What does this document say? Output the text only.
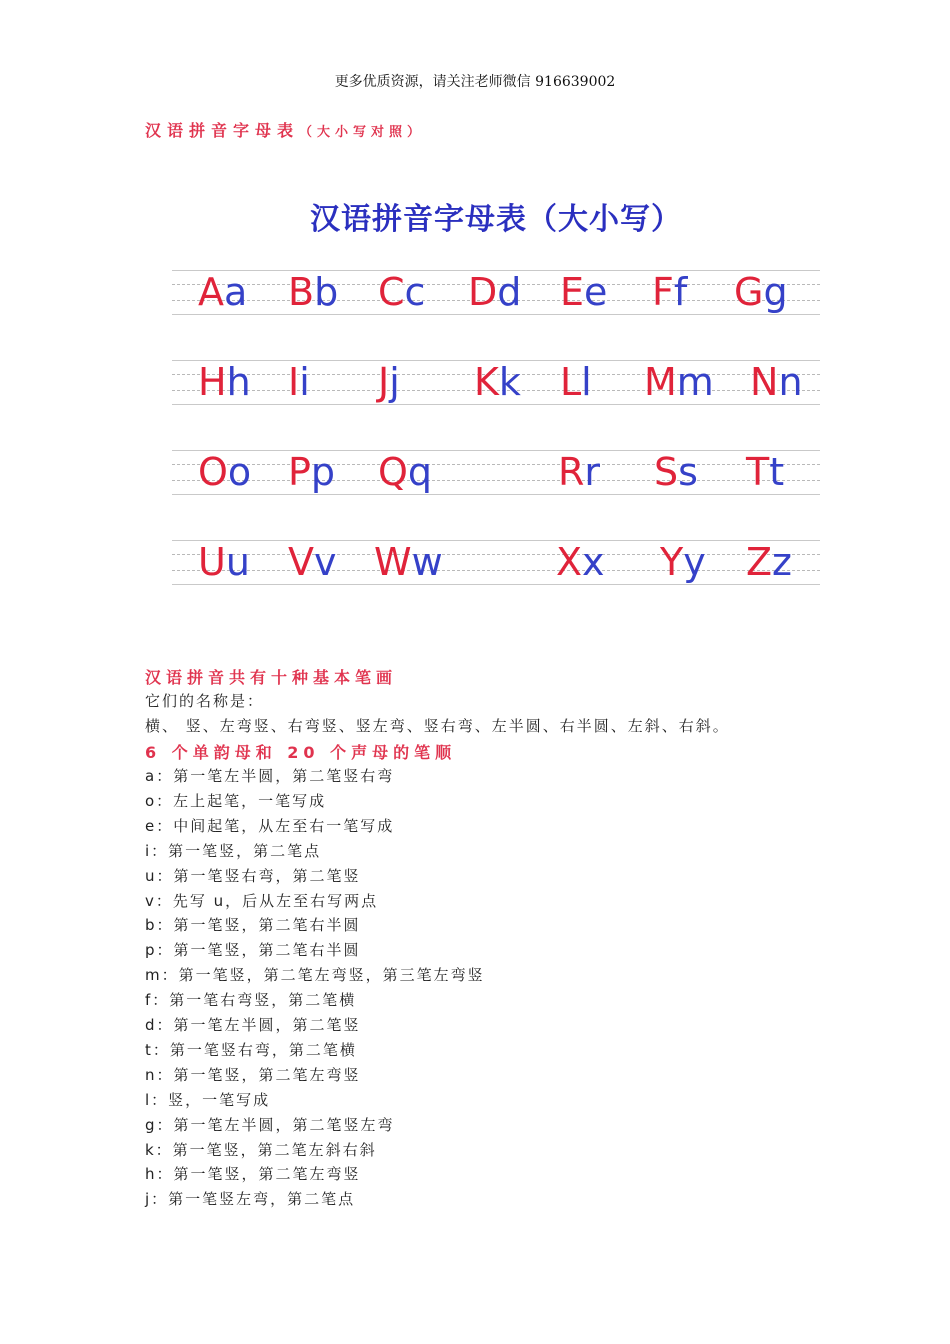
更多优质资源，请关注老师微信 916639002
汉语拼音字母表（大小写对照）
汉语拼音字母表（大小写）
Aa Bb Cc Dd Ee Ff Gg
Hh Ii Jj Kk Ll Mm Nn
Oo Pp Qq	Rr Ss Tt
Uu Vv Ww	Xx Yy Zz
汉语拼音共有十种基本笔画
它们的名称是：
横、 竖、左弯竖、右弯竖、竖左弯、竖右弯、左半圆、右半圆、左斜、右斜。
6 个单韵母和 20 个声母的笔顺
a：第一笔左半圆，第二笔竖右弯
o：左上起笔，一笔写成
e：中间起笔，从左至右一笔写成
i：第一笔竖，第二笔点
u：第一笔竖右弯，第二笔竖
v：先写 u，后从左至右写两点
b：第一笔竖，第二笔右半圆
p：第一笔竖，第二笔右半圆
m：第一笔竖，第二笔左弯竖，第三笔左弯竖
f：第一笔右弯竖，第二笔横
d：第一笔左半圆，第二笔竖
t：第一笔竖右弯，第二笔横
n：第一笔竖，第二笔左弯竖
l：竖，一笔写成
g：第一笔左半圆，第二笔竖左弯
k：第一笔竖，第二笔左斜右斜
h：第一笔竖，第二笔左弯竖
j：第一笔竖左弯，第二笔点
